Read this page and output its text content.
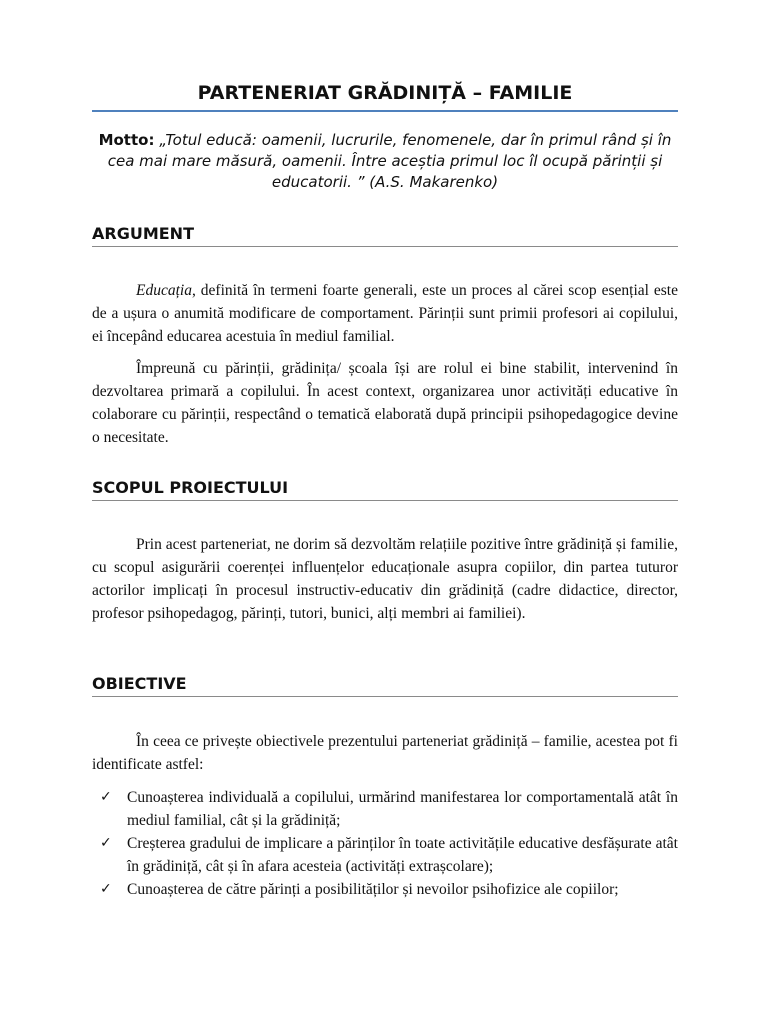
PARTENERIAT GRĂDINIȚĂ – FAMILIE
Motto: „Totul educă: oamenii, lucrurile, fenomenele, dar în primul rând și în cea mai mare măsură, oamenii. Între aceștia primul loc îl ocupă părinții și educatorii. ” (A.S. Makarenko)
ARGUMENT
Educația, definită în termeni foarte generali, este un proces al cărei scop esențial este de a ușura o anumită modificare de comportament. Părinții sunt primii profesori ai copilului, ei începând educarea acestuia în mediul familial.
Împreună cu părinții, grădinița/ școala își are rolul ei bine stabilit, intervenind în dezvoltarea primară a copilului. În acest context, organizarea unor activități educative în colaborare cu părinții, respectând o tematică elaborată după principii psihopedagogice devine o necesitate.
SCOPUL PROIECTULUI
Prin acest parteneriat, ne dorim să dezvoltăm relațiile pozitive între grădiniță și familie, cu scopul asigurării coerenței influențelor educaționale asupra copiilor, din partea tuturor actorilor implicați în procesul instructiv-educativ din grădiniță (cadre didactice, director, profesor psihopedagog, părinți, tutori, bunici, alți membri ai familiei).
OBIECTIVE
În ceea ce privește obiectivele prezentului parteneriat grădiniță – familie, acestea pot fi identificate astfel:
✓ Cunoașterea individuală a copilului, urmărind manifestarea lor comportamentală atât în mediul familial, cât și la grădiniță;
✓ Creșterea gradului de implicare a părinților în toate activitățile educative desfășurate atât în grădiniță, cât și în afara acesteia (activități extrașcolare);
✓ Cunoașterea de către părinți a posibilităților și nevoilor psihofizice ale copiilor;
